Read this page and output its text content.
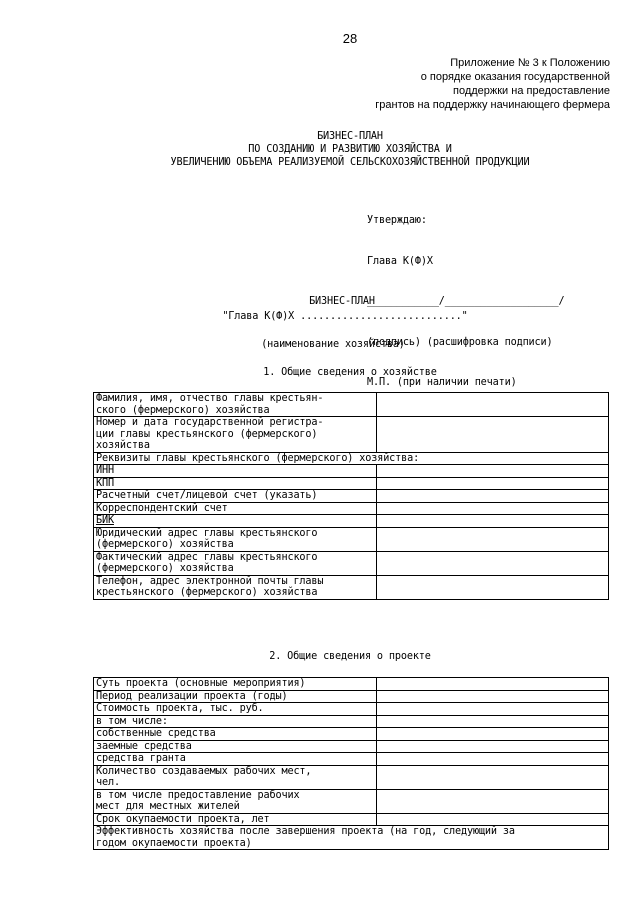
28
Приложение № 3 к Положению
о порядке оказания государственной
поддержки на предоставление
грантов на поддержку начинающего фермера
БИЗНЕС-ПЛАН
ПО СОЗДАНИЮ И РАЗВИТИЮ ХОЗЯЙСТВА И
УВЕЛИЧЕНИЮ ОБЪЕМА РЕАЛИЗУЕМОЙ СЕЛЬСКОХОЗЯЙСТВЕННОЙ ПРОДУКЦИИ

Утверждаю:

Глава К(Ф)Х

____________/___________________/

(подпись) (расшифровка подписи)

М.П. (при наличии печати)

БИЗНЕС-ПЛАН
"Глава К(Ф)Х ..........................."
(наименование хозяйства)
1. Общие сведения о хозяйстве
Фамилия, имя, отчество главы крестьян-
ского (фермерского) хозяйства	

Номер и дата государственной регистра-
ции главы крестьянского (фермерского)
хозяйства	

Реквизиты главы крестьянского (фермерского) хозяйства:	
ИНН	
КПП	
Расчетный счет/лицевой счет (указать)	
Корреспондентский счет	
БИК	

Юридический адрес главы крестьянского
(фермерского) хозяйства	

Фактический адрес главы крестьянского
(фермерского) хозяйства	

Телефон, адрес электронной почты главы
крестьянского (фермерского) хозяйства	

2. Общие сведения о проекте
Суть проекта (основные мероприятия)	
Период реализации проекта (годы)	
Стоимость проекта, тыс. руб.	
в том числе:	
собственные средства	
заемные средства	
средства гранта	

Количество создаваемых рабочих мест,
чел.	

в том числе предоставление рабочих
мест для местных жителей	

Срок окупаемости проекта, лет	

Эффективность хозяйства после завершения проекта (на год, следующий за
годом окупаемости проекта)	
